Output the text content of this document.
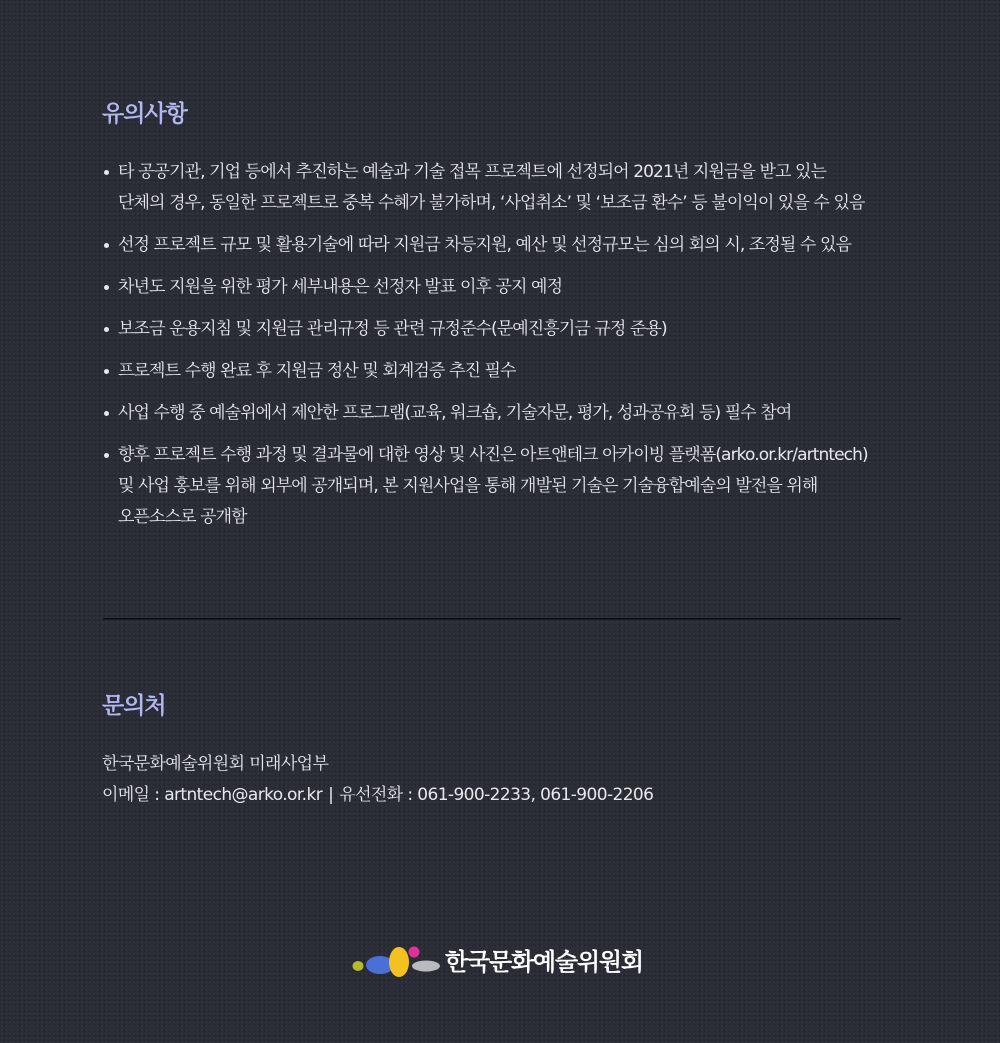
유의사항
타 공공기관, 기업 등에서 추진하는 예술과 기술 접목 프로젝트에 선정되어 2021년 지원금을 받고 있는
단체의 경우, 동일한 프로젝트로 중복 수혜가 불가하며, ‘사업취소’ 및 ‘보조금 환수’ 등 불이익이 있을 수 있음
선정 프로젝트 규모 및 활용기술에 따라 지원금 차등지원, 예산 및 선정규모는 심의 회의 시, 조정될 수 있음
차년도 지원을 위한 평가 세부내용은 선정자 발표 이후 공지 예정
보조금 운용지침 및 지원금 관리규정 등 관련 규정준수(문예진흥기금 규정 준용)
프로젝트 수행 완료 후 지원금 정산 및 회계검증 추진 필수
사업 수행 중 예술위에서 제안한 프로그램(교육, 워크숍, 기술자문, 평가, 성과공유회 등) 필수 참여
향후 프로젝트 수행 과정 및 결과물에 대한 영상 및 사진은 아트앤테크 아카이빙 플랫폼(arko.or.kr/artntech)
및 사업 홍보를 위해 외부에 공개되며, 본 지원사업을 통해 개발된 기술은 기술융합예술의 발전을 위해
오픈소스로 공개함
문의처
한국문화예술위원회 미래사업부
이메일 : artntech@arko.or.kr | 유선전화 : 061-900-2233, 061-900-2206
한국문화예술위원회
